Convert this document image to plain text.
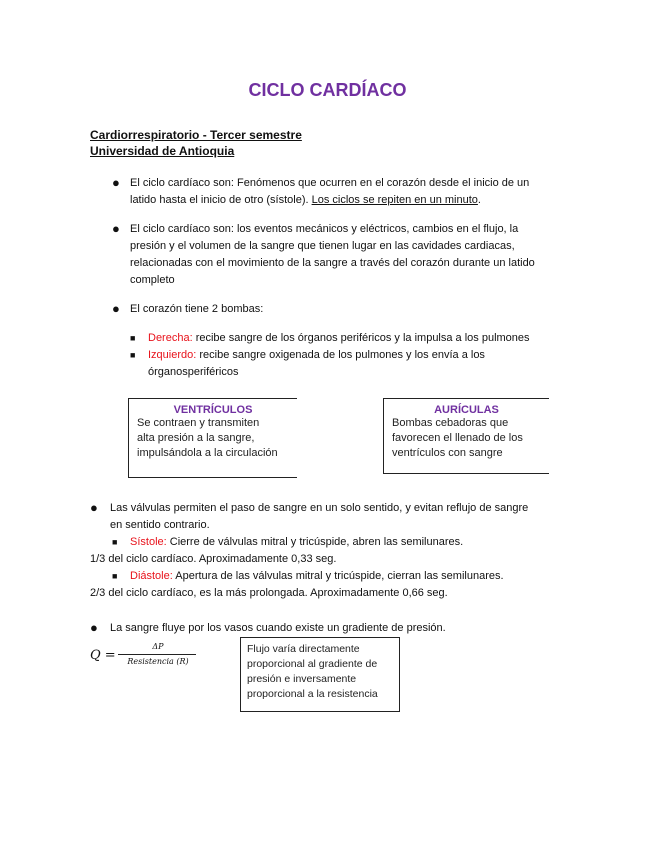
CICLO CARDÍACO
Cardiorrespiratorio - Tercer semestre
Universidad de Antioquia
● El ciclo cardíaco son: Fenómenos que ocurren en el corazón desde el inicio de un
latido hasta el inicio de otro (sístole). Los ciclos se repiten en un minuto.
● El ciclo cardíaco son: los eventos mecánicos y eléctricos, cambios en el flujo, la
presión y el volumen de la sangre que tienen lugar en las cavidades cardiacas,
relacionadas con el movimiento de la sangre a través del corazón durante un latido
completo
● El corazón tiene 2 bombas:
■ Derecha: recibe sangre de los órganos periféricos y la impulsa a los pulmones
■ Izquierdo: recibe sangre oxigenada de los pulmones y los envía a los
órganosperiféricos
VENTRÍCULOS
Se contraen y transmiten
alta presión a la sangre,
impulsándola a la circulación
AURÍCULAS
Bombas cebadoras que
favorecen el llenado de los
ventrículos con sangre
● Las válvulas permiten el paso de sangre en un solo sentido, y evitan reflujo de sangre
en sentido contrario.
■ Sístole: Cierre de válvulas mitral y tricúspide, abren las semilunares.
1/3 del ciclo cardíaco. Aproximadamente 0,33 seg.
■ Diástole: Apertura de las válvulas mitral y tricúspide, cierran las semilunares.
2/3 del ciclo cardíaco, es la más prolongada. Aproximadamente 0,66 seg.
● La sangre fluye por los vasos cuando existe un gradiente de presión.
Q =
ΔP
Resistencia (R)
Flujo varía directamente
proporcional al gradiente de
presión e inversamente
proporcional a la resistencia
